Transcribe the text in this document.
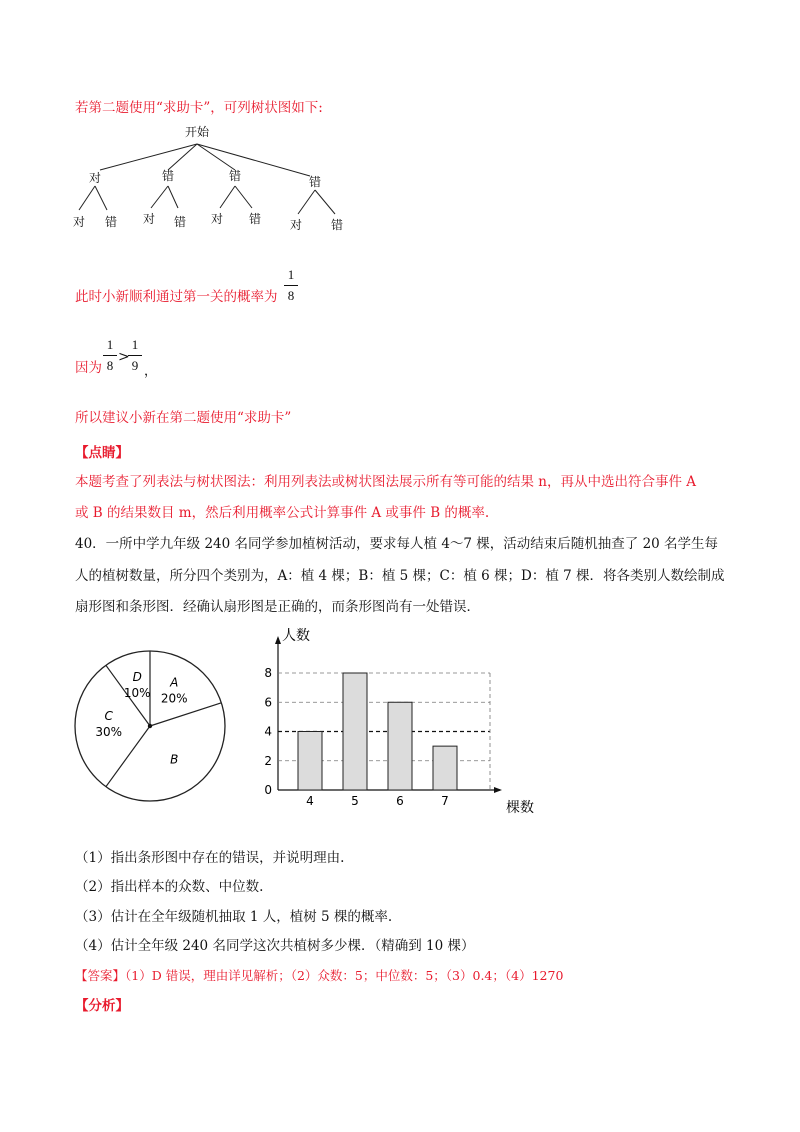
若第二题使用“求助卡”，可列树状图如下:
开始
对	错	错	错
对 错 对 错 对 错 对 错
此时小新顺利通过第一关的概率为
1
8
因为
1
8
>
1
9 ，
所以建议小新在第二题使用“求助卡”
【点睛】
本题考查了列表法与树状图法：利用列表法或树状图法展示所有等可能的结果 n，再从中选出符合事件 A
或 B 的结果数目 m，然后利用概率公式计算事件 A 或事件 B 的概率.
40．一所中学九年级 240 名同学参加植树活动，要求每人植 4～7 棵，活动结束后随机抽查了 20 名学生每
人的植树数量，所分四个类别为，A：植 4 棵；B：植 5 棵；C：植 6 棵；D：植 7 棵．将各类别人数绘制成
扇形图和条形图．经确认扇形图是正确的，而条形图尚有一处错误．
A
20%
B
C
30%
D
10%
0
2
4
6
8
4	5	6	7
人数
棵数
（1）指出条形图中存在的错误，并说明理由.
（2）指出样本的众数、中位数.
（3）估计在全年级随机抽取 1 人，植树 5 棵的概率.
（4）估计全年级 240 名同学这次共植树多少棵．（精确到 10 棵）
【答案】（1）D 错误，理由详见解析；（2）众数：5；中位数：5；（3）0.4；（4）1270
【分析】
